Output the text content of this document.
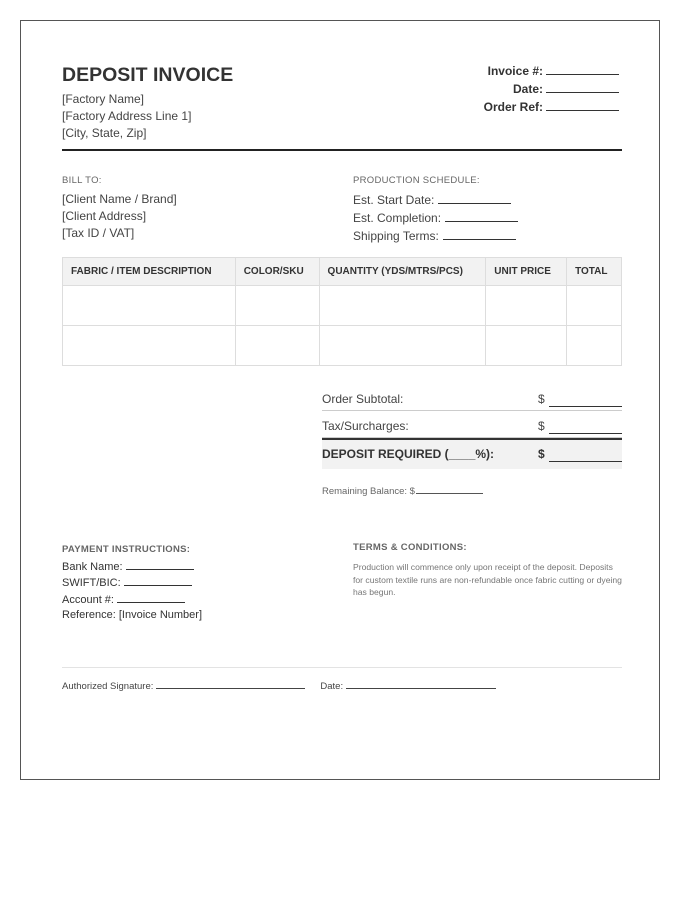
DEPOSIT INVOICE
[Factory Name]
[Factory Address Line 1]
[City, State, Zip]
Invoice #:
Date:
Order Ref:
BILL TO:
[Client Name / Brand]
[Client Address]
[Tax ID / VAT]
PRODUCTION SCHEDULE:
Est. Start Date:
Est. Completion:
Shipping Terms:
FABRIC / ITEM DESCRIPTION	COLOR/SKU	QUANTITY (YDS/MTRS/PCS)	UNIT PRICE	TOTAL

Order Subtotal:	$
Tax/Surcharges:	$
DEPOSIT REQUIRED (____%):	$
Remaining Balance: $
PAYMENT INSTRUCTIONS:
Bank Name:
SWIFT/BIC:
Account #:
Reference: [Invoice Number]
TERMS & CONDITIONS:
Production will commence only upon receipt of the deposit. Deposits for custom textile runs are non-refundable once fabric cutting or dyeing has begun.
Authorized Signature:	Date:
